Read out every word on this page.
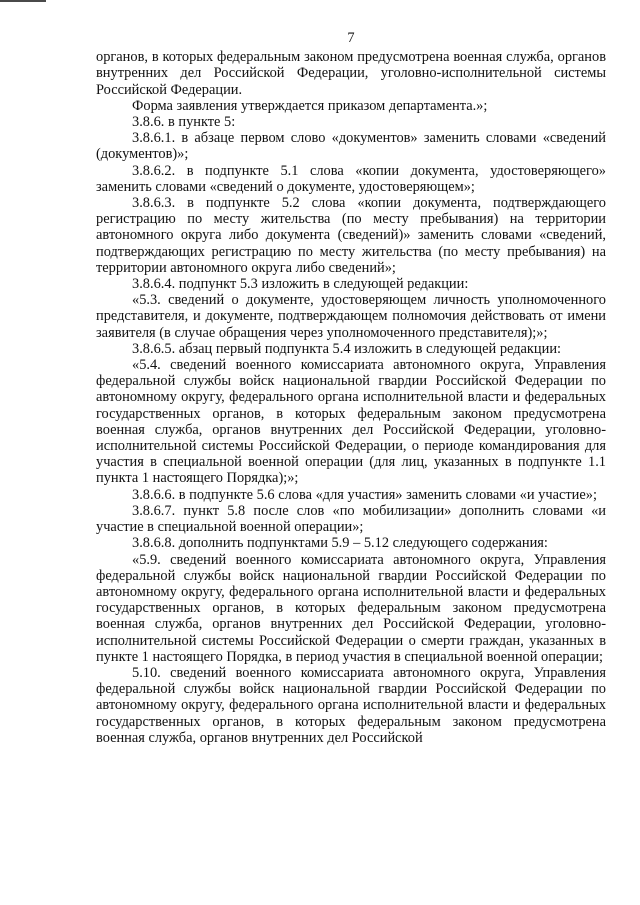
7

органов, в которых федеральным законом предусмотрена военная служба, органов внутренних дел Российской Федерации, уголовно-исполнительной системы Российской Федерации.

Форма заявления утверждается приказом департамента.»;

3.8.6. в пункте 5:

3.8.6.1. в абзаце первом слово «документов» заменить словами «сведений (документов)»;

3.8.6.2. в подпункте 5.1 слова «копии документа, удостоверяющего» заменить словами «сведений о документе, удостоверяющем»;

3.8.6.3. в подпункте 5.2 слова «копии документа, подтверждающего регистрацию по месту жительства (по месту пребывания) на территории автономного округа либо документа (сведений)» заменить словами «сведений, подтверждающих регистрацию по месту жительства (по месту пребывания) на территории автономного округа либо сведений»;

3.8.6.4. подпункт 5.3 изложить в следующей редакции:

«5.3. сведений о документе, удостоверяющем личность уполномоченного представителя, и документе, подтверждающем полномочия действовать от имени заявителя (в случае обращения через уполномоченного представителя);»;

3.8.6.5. абзац первый подпункта 5.4 изложить в следующей редакции:

«5.4. сведений военного комиссариата автономного округа, Управления федеральной службы войск национальной гвардии Российской Федерации по автономному округу, федерального органа исполнительной власти и федеральных государственных органов, в которых федеральным законом предусмотрена военная служба, органов внутренних дел Российской Федерации, уголовно-исполнительной системы Российской Федерации, о периоде командирования для участия в специальной военной операции (для лиц, указанных в подпункте 1.1 пункта 1 настоящего Порядка);»;

3.8.6.6. в подпункте 5.6 слова «для участия» заменить словами «и участие»;

3.8.6.7. пункт 5.8 после слов «по мобилизации» дополнить словами «и участие в специальной военной операции»;

3.8.6.8. дополнить подпунктами 5.9 – 5.12 следующего содержания:

«5.9. сведений военного комиссариата автономного округа, Управления федеральной службы войск национальной гвардии Российской Федерации по автономному округу, федерального органа исполнительной власти и федеральных государственных органов, в которых федеральным законом предусмотрена военная служба, органов внутренних дел Российской Федерации, уголовно-исполнительной системы Российской Федерации о смерти граждан, указанных в пункте 1 настоящего Порядка, в период участия в специальной военной операции;

5.10. сведений военного комиссариата автономного округа, Управления федеральной службы войск национальной гвардии Российской Федерации по автономному округу, федерального органа исполнительной власти и федеральных государственных органов, в которых федеральным законом предусмотрена военная служба, органов внутренних дел Российской
